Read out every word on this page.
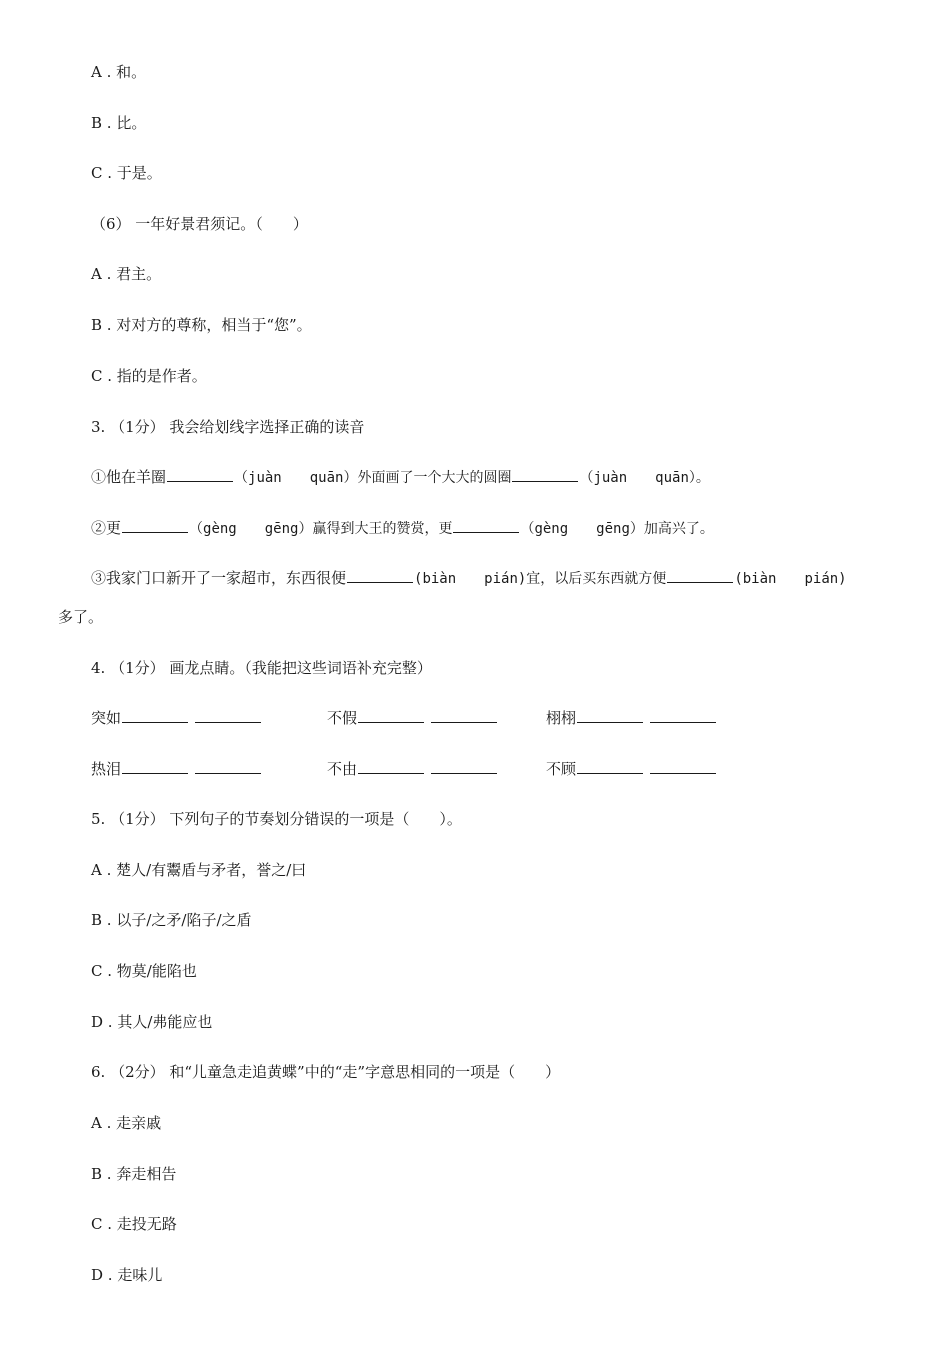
A . 和。
B . 比。
C . 于是。
（6） 一年好景君须记。（　　）
A . 君主。
B . 对对方的尊称，相当于“您”。
C . 指的是作者。
3. （1分） 我会给划线字选择正确的读音
①他在羊圈	（juàn　　quān）外面画了一个大大的圆圈	（juàn　　quān）。
②更	（gèng　　gēng）赢得到大王的赞赏，更	（gèng　　gēng）加高兴了。
③我家门口新开了一家超市，东西很便	(biàn　　pián)宜，以后买东西就方便	(biàn　　pián)
多了。
4. （1分） 画龙点睛。（我能把这些词语补充完整）
突如	不假	栩栩
热泪	不由	不顾
5. （1分） 下列句子的节奏划分错误的一项是（　　）。
A . 楚人/有鬻盾与矛者，誉之/曰
B . 以子/之矛/陷子/之盾
C . 物莫/能陷也
D . 其人/弗能应也
6. （2分） 和“儿童急走追黄蝶”中的“走”字意思相同的一项是（　　）
A . 走亲戚
B . 奔走相告
C . 走投无路
D . 走味儿
